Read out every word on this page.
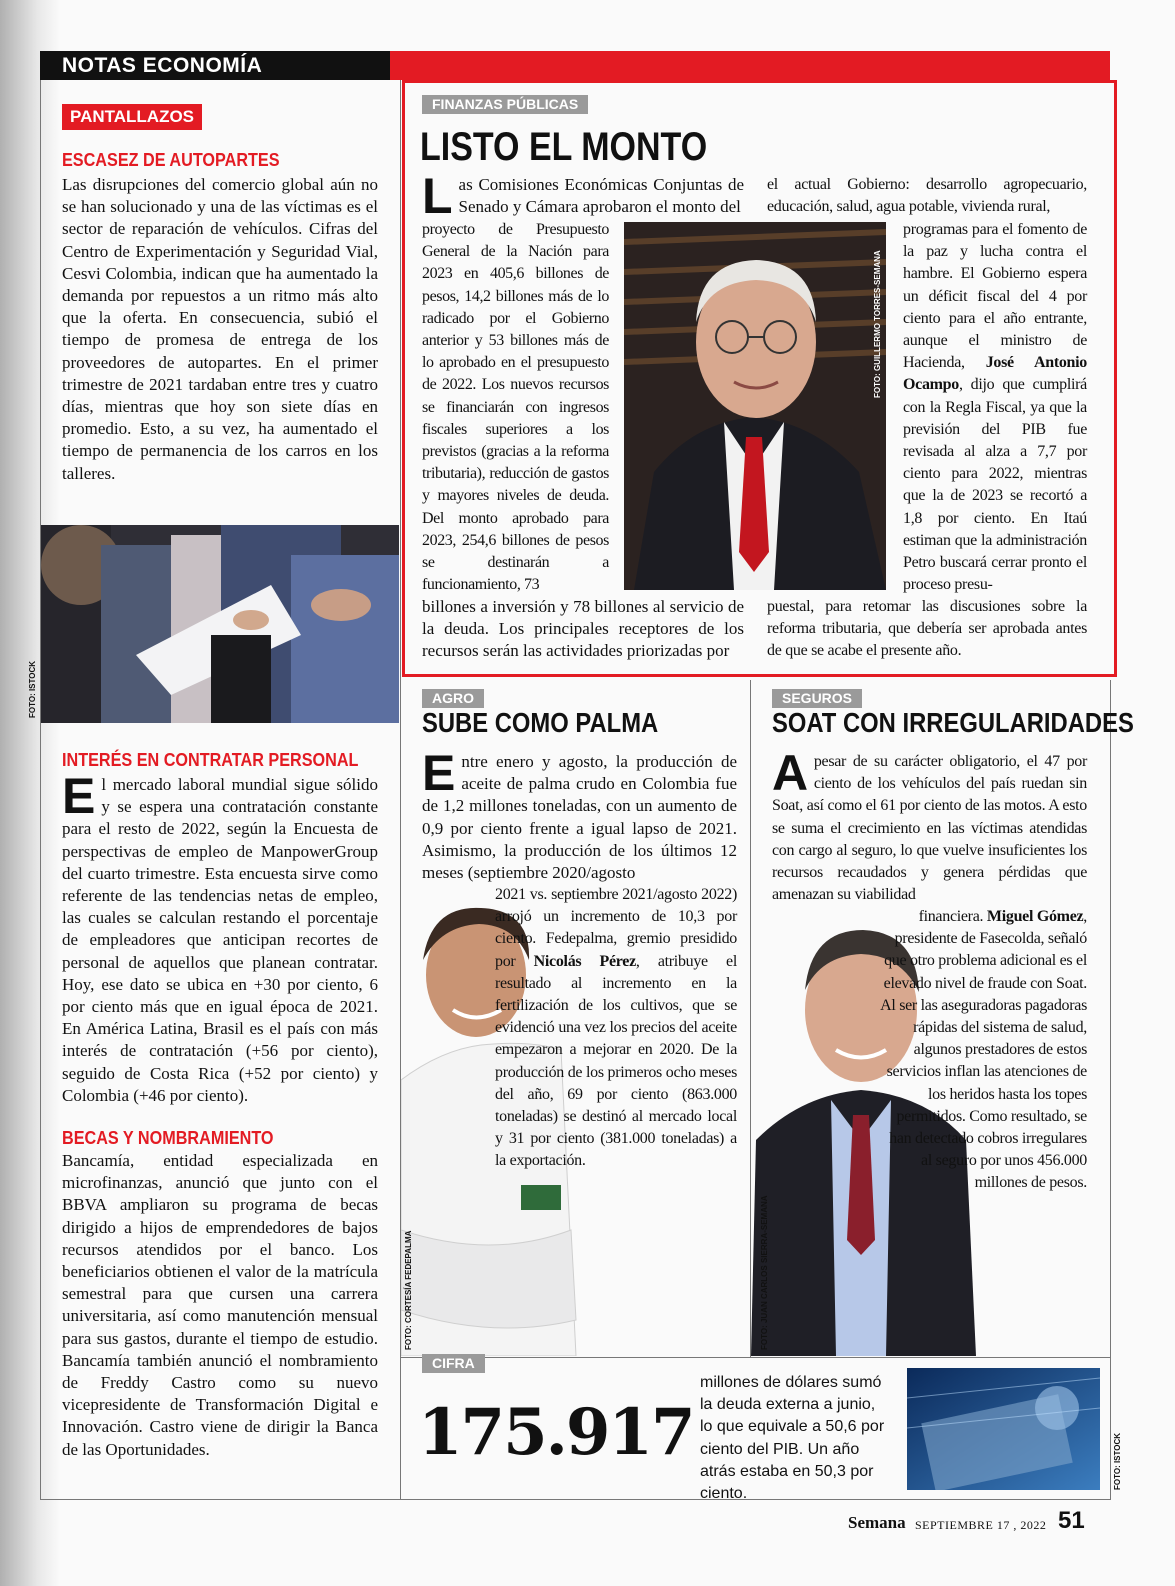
NOTAS ECONOMÍA
PANTALLAZOS
ESCASEZ DE AUTOPARTES

Las disrupciones del comercio global aún no se han solucionado y una de las víctimas es el sector de reparación de vehículos. Cifras del Centro de Experimentación y Seguridad Vial, Cesvi Colombia, indican que ha aumentado la demanda por repuestos a un ritmo más alto que la oferta. En consecuencia, subió el tiempo de promesa de entrega de los proveedores de autopartes. En el primer trimestre de 2021 tardaban entre tres y cuatro días, mientras que hoy son siete días en promedio. Esto, a su vez, ha aumentado el tiempo de permanencia de los carros en los talleres.

FOTO: ISTOCK
INTERÉS EN CONTRATAR PERSONAL

El mercado laboral mundial sigue sólido y se espera una contratación constante para el resto de 2022, según la Encuesta de perspectivas de empleo de ManpowerGroup del cuarto trimestre. Esta encuesta sirve como referente de las tendencias netas de empleo, las cuales se calculan restando el porcentaje de empleadores que anticipan recortes de personal de aquellos que planean contratar. Hoy, ese dato se ubica en +30 por ciento, 6 por ciento más que en igual época de 2021. En América Latina, Brasil es el país con más interés de contratación (+56 por ciento), seguido de Costa Rica (+52 por ciento) y Colombia (+46 por ciento).

BECAS Y NOMBRAMIENTO

Bancamía, entidad especializada en microfinanzas, anunció que junto con el BBVA ampliaron su programa de becas dirigido a hijos de emprendedores de bajos recursos atendidos por el banco. Los beneficiarios obtienen el valor de la matrícula semestral para que cursen una carrera universitaria, así como manutención mensual para sus gastos, durante el tiempo de estudio. Bancamía también anunció el nombramiento de Freddy Castro como su nuevo vicepresidente de Transformación Digital e Innovación. Castro viene de dirigir la Banca de las Oportunidades.

FINANZAS PÚBLICAS
LISTO EL MONTO

Las Comisiones Económicas Conjuntas de Senado y Cámara aprobaron el monto del

proyecto de Presupuesto General de la Nación para 2023 en 405,6 billones de pesos, 14,2 billones más de lo radicado por el Gobierno anterior y 53 billones más de lo aprobado en el presupuesto de 2022. Los nuevos recursos se financiarán con ingresos fiscales superiores a los previstos (gracias a la reforma tributaria), reducción de gastos y mayores niveles de deuda. Del monto aprobado para 2023, 254,6 billones de pesos se destinarán a funcionamiento, 73

billones a inversión y 78 billones al servicio de la deuda. Los principales receptores de los recursos serán las actividades priorizadas por

FOTO: GUILLERMO TORRES-SEMANA

el actual Gobierno: desarrollo agropecuario, educación, salud, agua potable, vivienda rural,

programas para el fomento de la paz y lucha contra el hambre. El Gobierno espera un déficit fiscal del 4 por ciento para el año entrante, aunque el ministro de Hacienda, José Antonio Ocampo, dijo que cumplirá con la Regla Fiscal, ya que la previsión del PIB fue revisada al alza a 7,7 por ciento para 2022, mientras que la de 2023 se recortó a 1,8 por ciento. En Itaú estiman que la administración Petro buscará cerrar pronto el proceso presu-

puestal, para retomar las discusiones sobre la reforma tributaria, que debería ser aprobada antes de que se acabe el presente año.

AGRO
SUBE COMO PALMA

Entre enero y agosto, la producción de aceite de palma crudo en Colombia fue de 1,2 millones toneladas, con un aumento de 0,9 por ciento frente a igual lapso de 2021. Asimismo, la producción de los últimos 12 meses (septiembre 2020/agosto

FOTO: CORTESÍA FEDEPALMA

2021 vs. septiembre 2021/agosto 2022) arrojó un incremento de 10,3 por ciento. Fedepalma, gremio presidido por Nicolás Pérez, atribuye el resultado al incremento en la fertilización de los cultivos, que se evidenció una vez los precios del aceite empezaron a mejorar en 2020. De la producción de los primeros ocho meses del año, 69 por ciento (863.000 toneladas) se destinó al mercado local y 31 por ciento (381.000 toneladas) a la exportación.

SEGUROS
SOAT CON IRREGULARIDADES

Apesar de su carácter obligatorio, el 47 por ciento de los vehículos del país ruedan sin Soat, así como el 61 por ciento de las motos. A esto se suma el crecimiento en las víctimas atendidas con cargo al seguro, lo que vuelve insuficientes los recursos recaudados y genera pérdidas que amenazan su viabilidad

FOTO: JUAN CARLOS SIERRA-SEMANA

financiera. Miguel Gómez, presidente de Fasecolda, señaló que otro problema adicional es el elevado nivel de fraude con Soat. Al ser las aseguradoras pagadoras rápidas del sistema de salud, algunos prestadores de estos servicios inflan las atenciones de los heridos hasta los topes permitidos. Como resultado, se han detectado cobros irregulares al seguro por unos 456.000 millones de pesos.

CIFRA
175.917
millones de dólares sumó la deuda externa a junio, lo que equivale a 50,6 por ciento del PIB. Un año atrás estaba en 50,3 por ciento.
FOTO: ISTOCK
Semana SEPTIEMBRE 17 , 2022 51
